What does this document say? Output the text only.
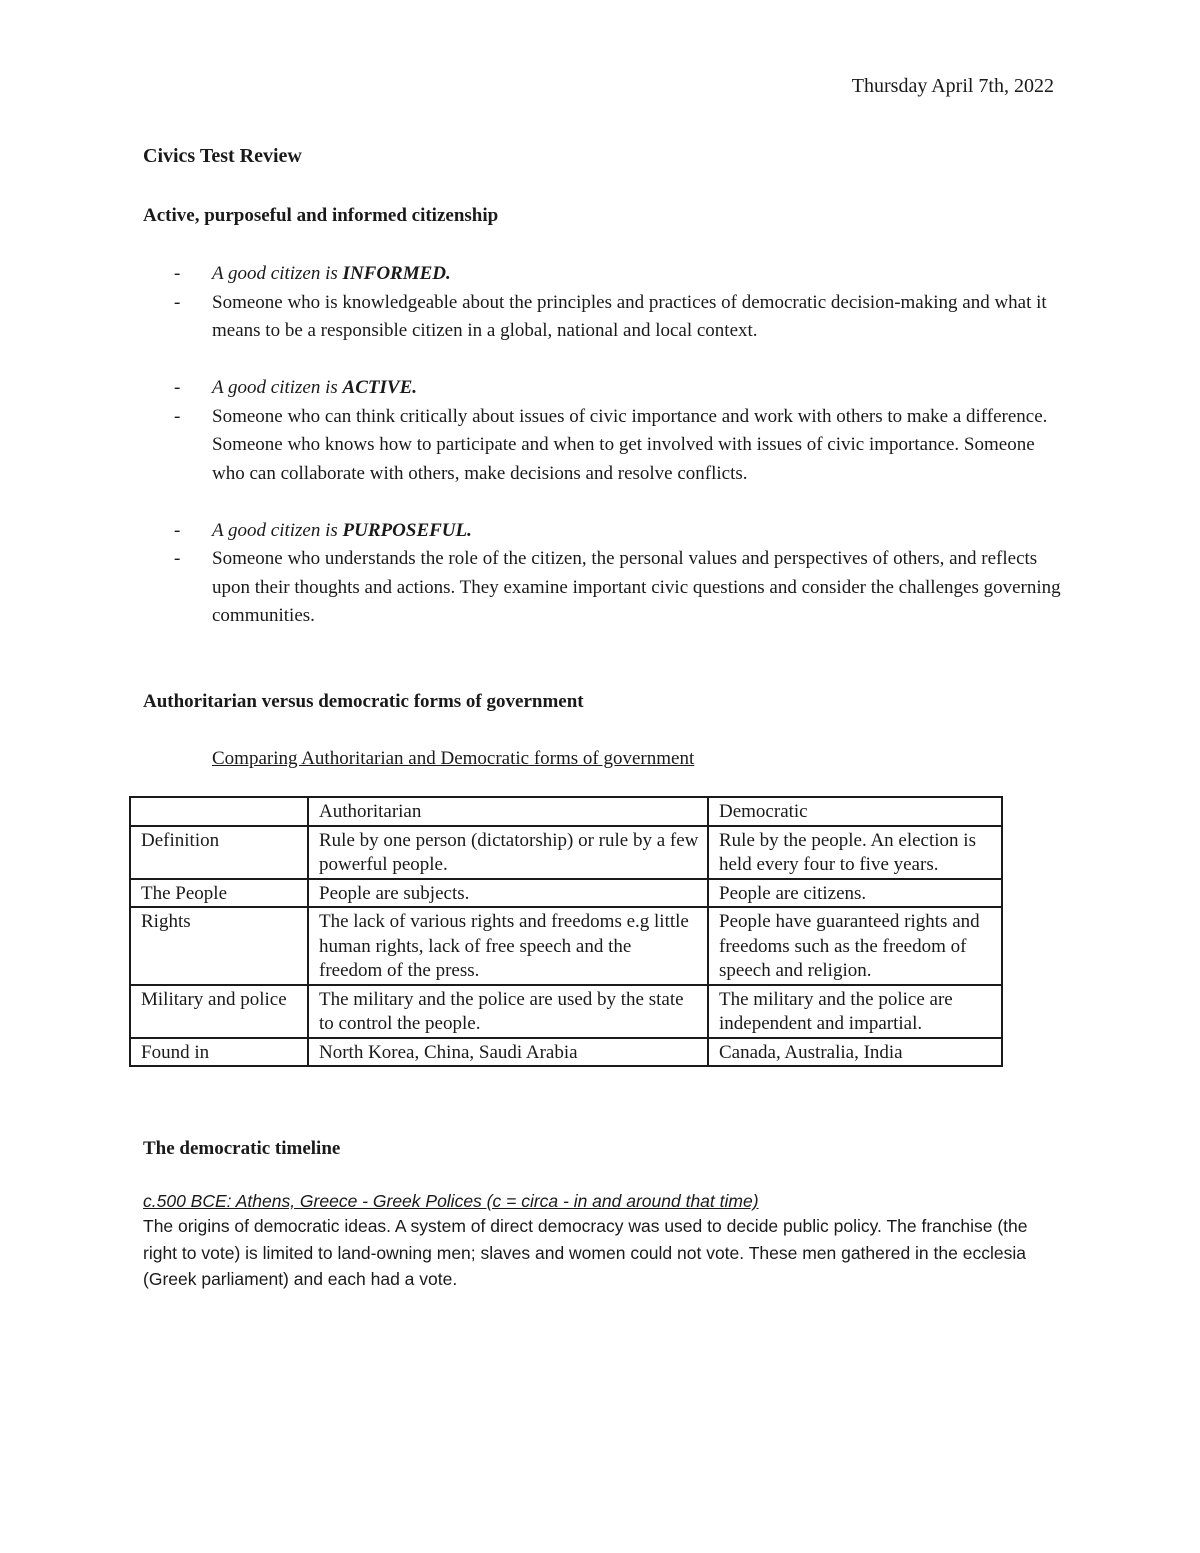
Thursday April 7th, 2022
Civics Test Review
Active, purposeful and informed citizenship
- A good citizen is INFORMED.
- Someone who is knowledgeable about the principles and practices of democratic decision-making and what it means to be a responsible citizen in a global, national and local context.
- A good citizen is ACTIVE.
- Someone who can think critically about issues of civic importance and work with others to make a difference. Someone who knows how to participate and when to get involved with issues of civic importance. Someone who can collaborate with others, make decisions and resolve conflicts.
- A good citizen is PURPOSEFUL.
- Someone who understands the role of the citizen, the personal values and perspectives of others, and reflects upon their thoughts and actions. They examine important civic questions and consider the challenges governing communities.
Authoritarian versus democratic forms of government

Comparing Authoritarian and Democratic forms of government

	Authoritarian	Democratic
Definition	Rule by one person (dictatorship) or rule by a few powerful people.	Rule by the people. An election is held every four to five years.
The People	People are subjects.	People are citizens.
Rights	The lack of various rights and freedoms e.g little human rights, lack of free speech and the freedom of the press.	People have guaranteed rights and freedoms such as the freedom of speech and religion.
Military and police	The military and the police are used by the state to control the people.	The military and the police are independent and impartial.
Found in	North Korea, China, Saudi Arabia	Canada, Australia, India
The democratic timeline

c.500 BCE: Athens, Greece - Greek Polices (c = circa - in and around that time)

The origins of democratic ideas. A system of direct democracy was used to decide public policy. The franchise (the right to vote) is limited to land-owning men; slaves and women could not vote. These men gathered in the ecclesia (Greek parliament) and each had a vote.
